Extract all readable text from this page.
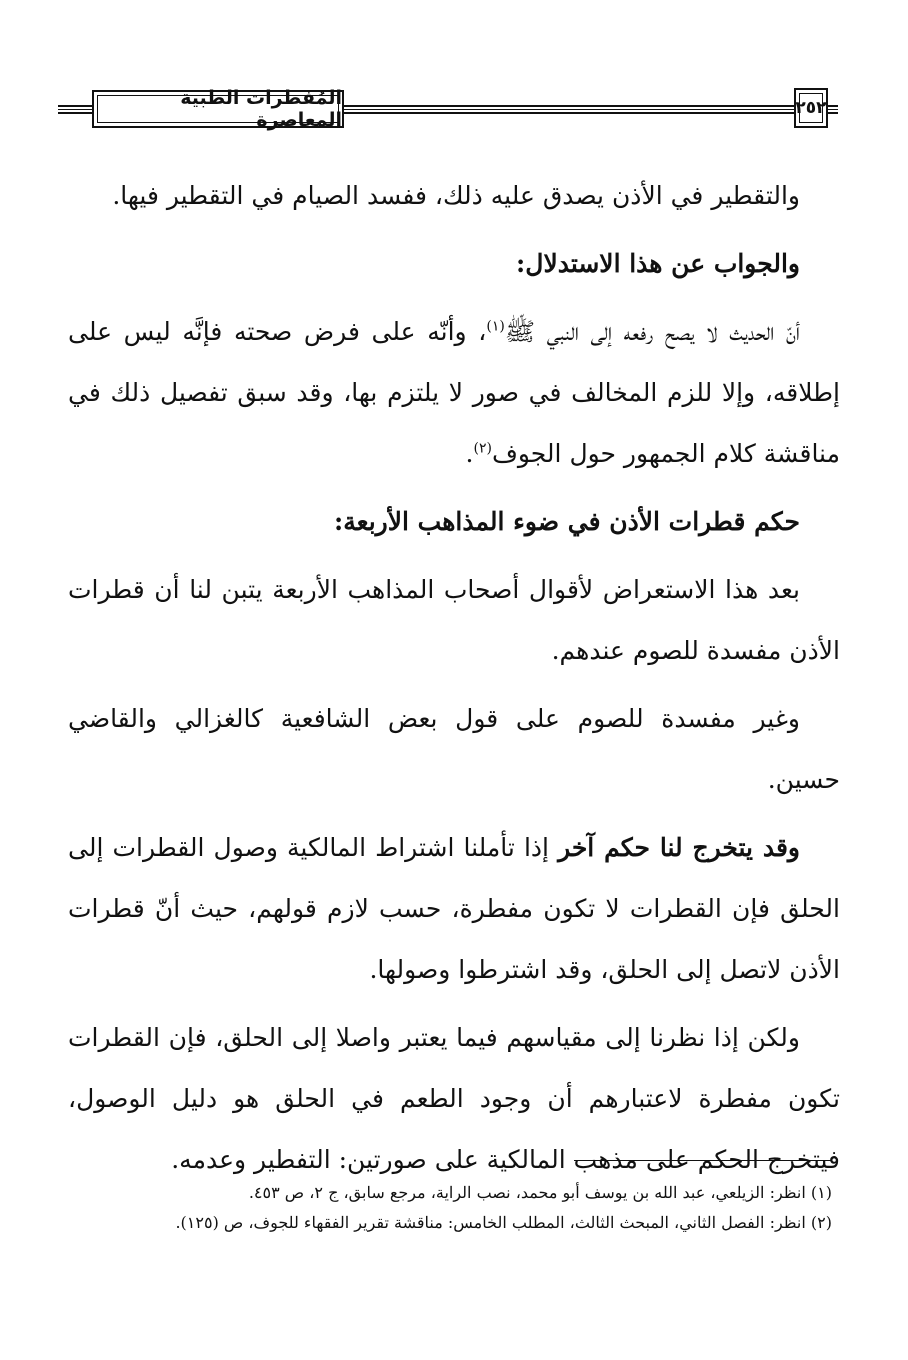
المُفطرات الطبية المعاصرة
٢٥٢

والتقطير في الأذن يصدق عليه ذلك، ففسد الصيام في التقطير فيها.

والجواب عن هذا الاستدلال:

أنّ الحديث لا يصح رفعه إلى النبي ﷺ$^{(١)}$، وأنّه على فرض صحته فإنَّه ليس على إطلاقه، وإلا للزم المخالف في صور لا يلتزم بها، وقد سبق تفصيل ذلك في مناقشة كلام الجمهور حول الجوف$^{(٢)}$.

حكم قطرات الأذن في ضوء المذاهب الأربعة:

بعد هذا الاستعراض لأقوال أصحاب المذاهب الأربعة يتبن لنا أن قطرات الأذن مفسدة للصوم عندهم.

وغير مفسدة للصوم على قول بعض الشافعية كالغزالي والقاضي حسين.

وقد يتخرج لنا حكم آخر إذا تأملنا اشتراط المالكية وصول القطرات إلى الحلق فإن القطرات لا تكون مفطرة، حسب لازم قولهم، حيث أنّ قطرات الأذن لاتصل إلى الحلق، وقد اشترطوا وصولها.

ولكن إذا نظرنا إلى مقياسهم فيما يعتبر واصلا إلى الحلق، فإن القطرات تكون مفطرة لاعتبارهم أن وجود الطعم في الحلق هو دليل الوصول، فيتخرج الحكم على مذهب المالكية على صورتين: التفطير وعدمه.

(١) انظر: الزيلعي، عبد الله بن يوسف أبو محمد، نصب الراية، مرجع سابق، ج ٢، ص ٤٥٣.

(٢) انظر: الفصل الثاني، المبحث الثالث، المطلب الخامس: مناقشة تقرير الفقهاء للجوف، ص (١٢٥).
